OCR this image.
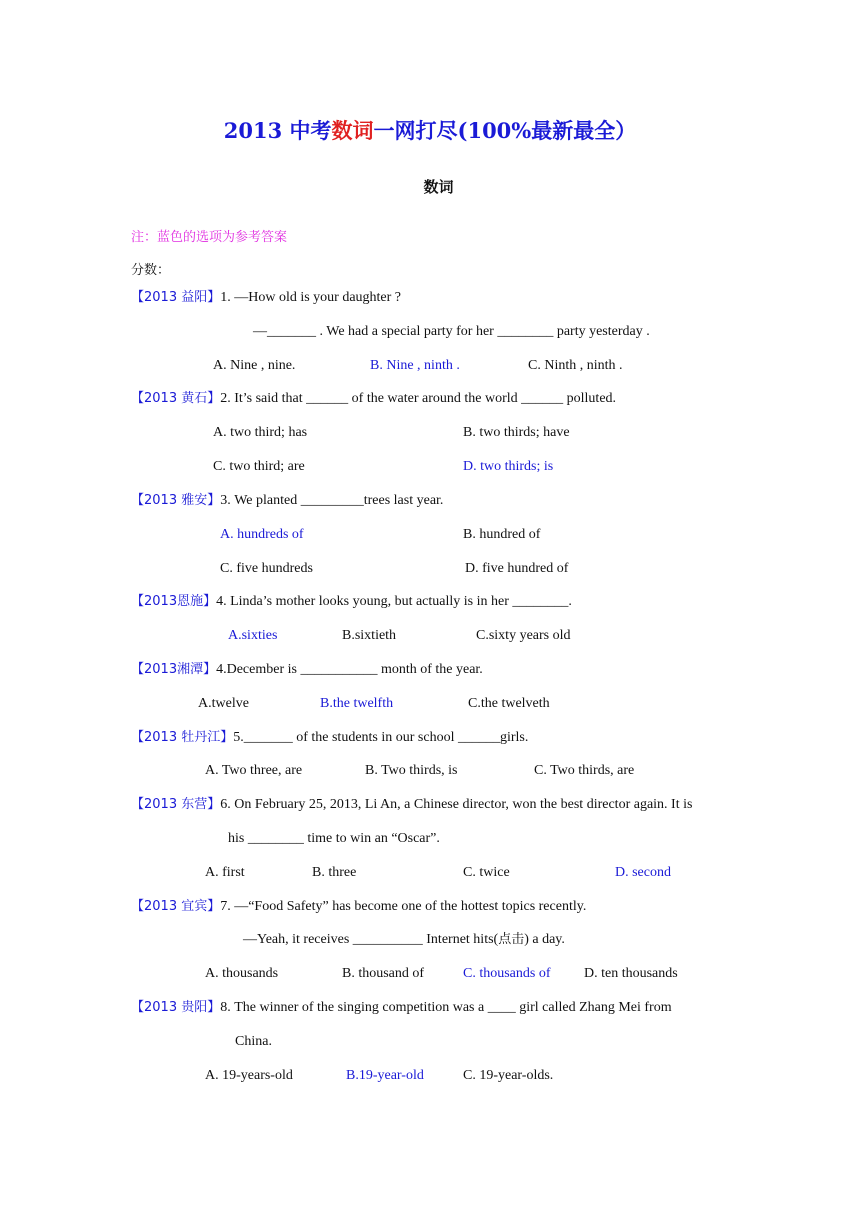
2013 中考数词一网打尽(100%最新最全）
数词
注：蓝色的选项为参考答案
分数：
【2013 益阳】1. —How old is your daughter ?
—_______ . We had a special party for her ________ party yesterday .
A. Nine , nine.	B. Nine , ninth .	C. Ninth , ninth .
【2013 黄石】2. It’s said that ______ of the water around the world ______ polluted.
A. two third; has	B. two thirds; have
C. two third; are	D. two thirds; is
【2013 雅安】3. We planted _________trees last year.
A. hundreds of	B. hundred of
C. five hundreds	D. five hundred of
【2013恩施】4. Linda’s mother looks young, but actually is in her ________.
A.sixties	B.sixtieth	C.sixty years old
【2013湘潭】4.December is ___________ month of the year.
A.twelve	B.the twelfth	C.the twelveth
【2013 牡丹江】5._______ of the students in our school ______girls.
A. Two three, are	B. Two thirds, is	C. Two thirds, are
【2013 东营】6. On February 25, 2013, Li An, a Chinese director, won the best director again. It is
his ________ time to win an “Oscar”.
A. first	B. three	C. twice	D. second
【2013 宜宾】7. —“Food Safety” has become one of the hottest topics recently.
—Yeah, it receives __________ Internet hits(点击) a day.
A. thousands	B. thousand of	C. thousands of D. ten thousands
【2013 贵阳】8. The winner of the singing competition was a ____ girl called Zhang Mei from
China.
A. 19-years-old	B.19-year-old	C. 19-year-olds.
